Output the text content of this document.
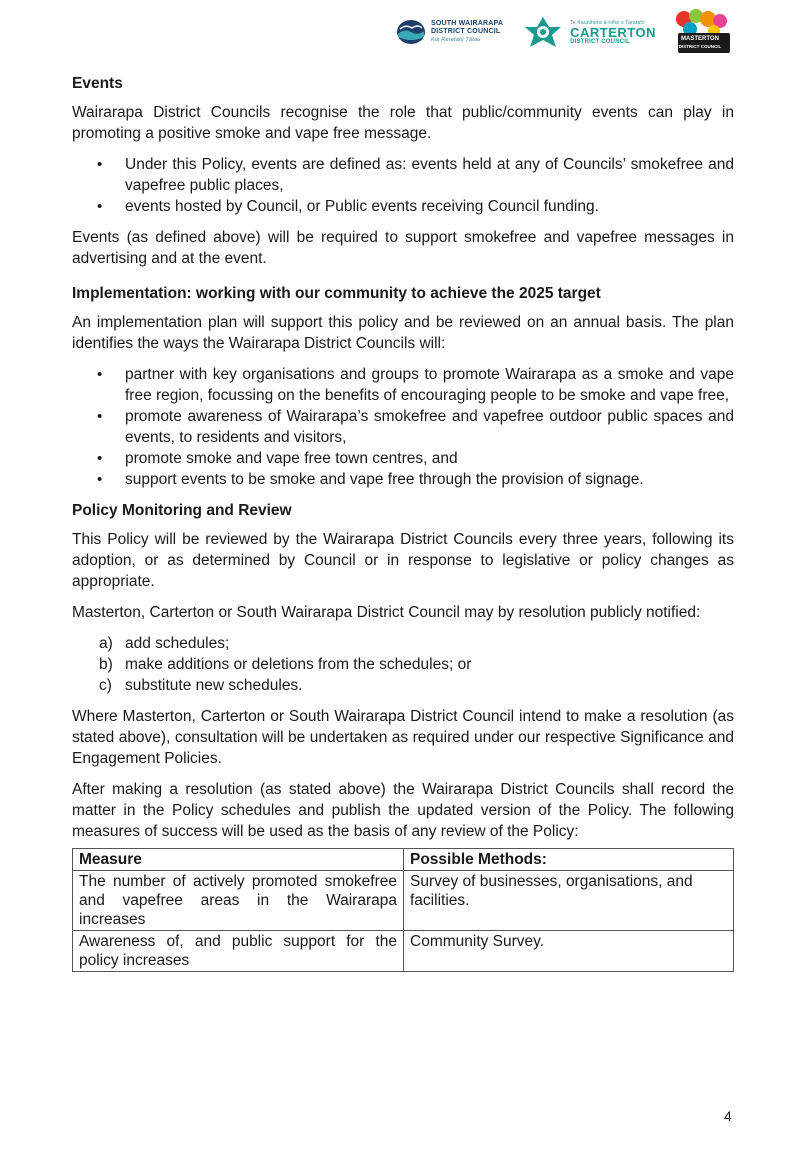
SOUTH WAIRARAPA
DISTRICT COUNCIL
Kia Reretahi Tātau
Te Kaunihera ā-rohe o Taratahi
CARTERTON
DISTRICT COUNCIL	MASTERTON
DISTRICT COUNCIL
Events

Wairarapa District Councils recognise the role that public/community events can play in promoting a positive smoke and vape free message.

• Under this Policy, events are defined as: events held at any of Councils’ smokefree and vapefree public places,
• events hosted by Council, or Public events receiving Council funding.

Events (as defined above) will be required to support smokefree and vapefree messages in advertising and at the event.

Implementation: working with our community to achieve the 2025 target

An implementation plan will support this policy and be reviewed on an annual basis. The plan identifies the ways the Wairarapa District Councils will:

• partner with key organisations and groups to promote Wairarapa as a smoke and vape free region, focussing on the benefits of encouraging people to be smoke and vape free,
• promote awareness of Wairarapa’s smokefree and vapefree outdoor public spaces and events, to residents and visitors,
• promote smoke and vape free town centres, and
• support events to be smoke and vape free through the provision of signage.
Policy Monitoring and Review

This Policy will be reviewed by the Wairarapa District Councils every three years, following its adoption, or as determined by Council or in response to legislative or policy changes as appropriate.

Masterton, Carterton or South Wairarapa District Council may by resolution publicly notified:

a) add schedules;
b) make additions or deletions from the schedules; or
c) substitute new schedules.

Where Masterton, Carterton or South Wairarapa District Council intend to make a resolution (as stated above), consultation will be undertaken as required under our respective Significance and Engagement Policies.

After making a resolution (as stated above) the Wairarapa District Councils shall record the matter in the Policy schedules and publish the updated version of the Policy. The following measures of success will be used as the basis of any review of the Policy:

Measure	Possible Methods:
The number of actively promoted smokefree and vapefree areas in the Wairarapa increases	Survey of businesses, organisations, and facilities.
Awareness of, and public support for the policy increases	Community Survey.
4
